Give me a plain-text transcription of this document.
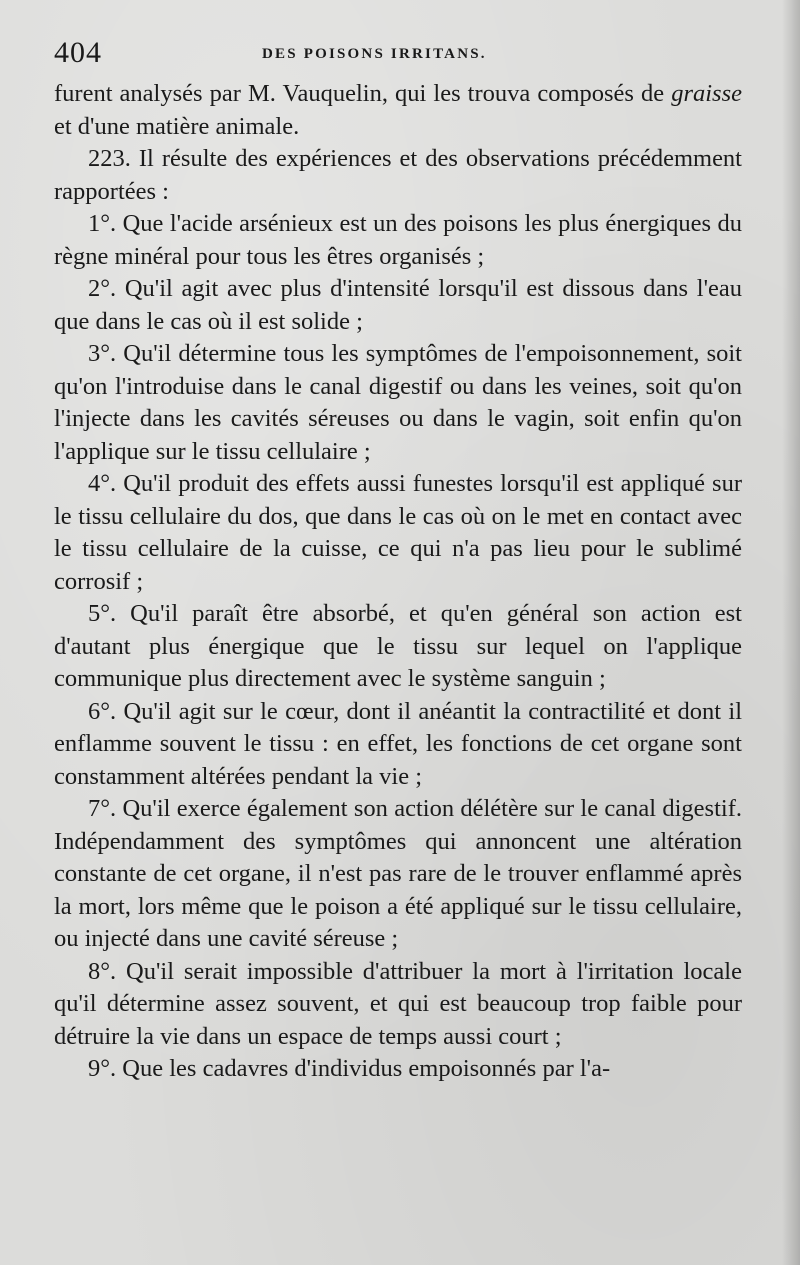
404	DES POISONS IRRITANS.

furent analysés par M. Vauquelin, qui les trouva composés de graisse et d'une matière animale.

223. Il résulte des expériences et des observations précédemment rapportées :

1°. Que l'acide arsénieux est un des poisons les plus énergiques du règne minéral pour tous les êtres organisés ;

2°. Qu'il agit avec plus d'intensité lorsqu'il est dissous dans l'eau que dans le cas où il est solide ;

3°. Qu'il détermine tous les symptômes de l'empoisonnement, soit qu'on l'introduise dans le canal digestif ou dans les veines, soit qu'on l'injecte dans les cavités séreuses ou dans le vagin, soit enfin qu'on l'applique sur le tissu cellulaire ;

4°. Qu'il produit des effets aussi funestes lorsqu'il est appliqué sur le tissu cellulaire du dos, que dans le cas où on le met en contact avec le tissu cellulaire de la cuisse, ce qui n'a pas lieu pour le sublimé corrosif ;

5°. Qu'il paraît être absorbé, et qu'en général son action est d'autant plus énergique que le tissu sur lequel on l'applique communique plus directement avec le système sanguin ;

6°. Qu'il agit sur le cœur, dont il anéantit la contractilité et dont il enflamme souvent le tissu : en effet, les fonctions de cet organe sont constamment altérées pendant la vie ;

7°. Qu'il exerce également son action délétère sur le canal digestif. Indépendamment des symptômes qui annoncent une altération constante de cet organe, il n'est pas rare de le trouver enflammé après la mort, lors même que le poison a été appliqué sur le tissu cellulaire, ou injecté dans une cavité séreuse ;

8°. Qu'il serait impossible d'attribuer la mort à l'irritation locale qu'il détermine assez souvent, et qui est beaucoup trop faible pour détruire la vie dans un espace de temps aussi court ;

9°. Que les cadavres d'individus empoisonnés par l'a-
